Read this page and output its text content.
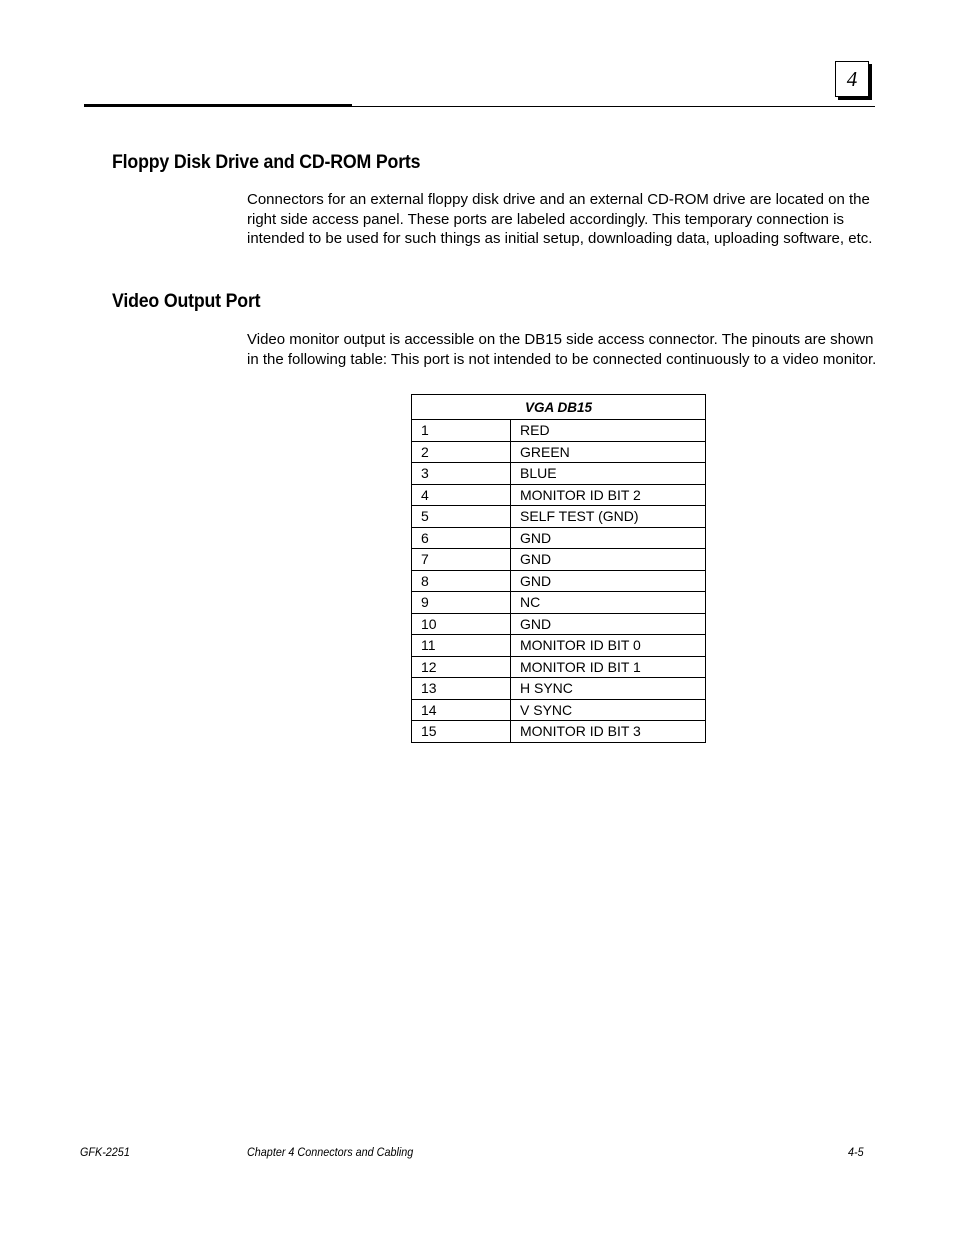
4
Floppy Disk Drive and CD-ROM Ports

Connectors for an external floppy disk drive and an external CD-ROM drive are located on the right side access panel. These ports are labeled accordingly. This temporary connection is intended to be used for such things as initial setup, downloading data, uploading software, etc.

Video Output Port

Video monitor output is accessible on the DB15 side access connector. The pinouts are shown in the following table: This port is not intended to be connected continuously to a video monitor.

VGA DB15	
1	RED
2	GREEN
3	BLUE
4	MONITOR ID BIT 2
5	SELF TEST (GND)
6	GND
7	GND
8	GND
9	NC
10	GND
11	MONITOR ID BIT 0
12	MONITOR ID BIT 1
13	H SYNC
14	V SYNC
15	MONITOR ID BIT 3
GFK-2251	Chapter 4 Connectors and Cabling	4-5
